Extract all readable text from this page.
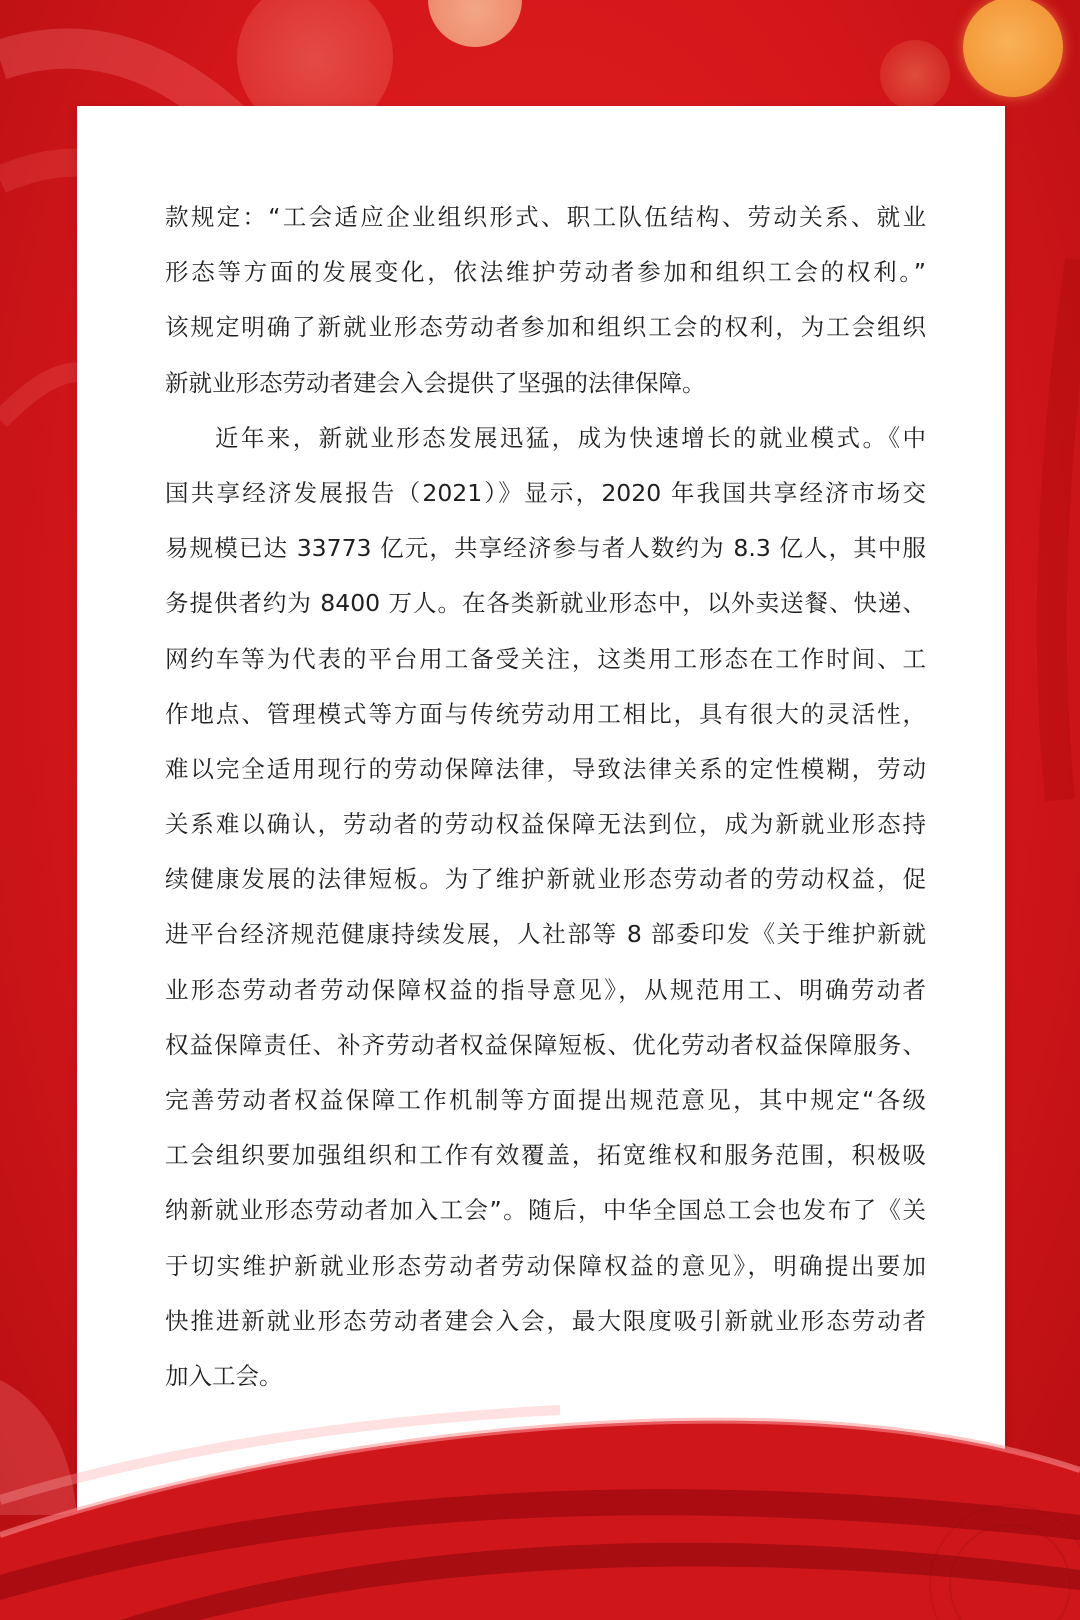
款规定：“工会适应企业组织形式、职工队伍结构、劳动关系、就业
形态等方面的发展变化，依法维护劳动者参加和组织工会的权利。”
该规定明确了新就业形态劳动者参加和组织工会的权利，为工会组织
新就业形态劳动者建会入会提供了坚强的法律保障。
近年来，新就业形态发展迅猛，成为快速增长的就业模式。《中
国共享经济发展报告（2021）》显示，2020 年我国共享经济市场交
易规模已达 33773 亿元，共享经济参与者人数约为 8.3 亿人，其中服
务提供者约为 8400 万人。在各类新就业形态中，以外卖送餐、快递、
网约车等为代表的平台用工备受关注，这类用工形态在工作时间、工
作地点、管理模式等方面与传统劳动用工相比，具有很大的灵活性，
难以完全适用现行的劳动保障法律，导致法律关系的定性模糊，劳动
关系难以确认，劳动者的劳动权益保障无法到位，成为新就业形态持
续健康发展的法律短板。为了维护新就业形态劳动者的劳动权益，促
进平台经济规范健康持续发展，人社部等 8 部委印发《关于维护新就
业形态劳动者劳动保障权益的指导意见》，从规范用工、明确劳动者
权益保障责任、补齐劳动者权益保障短板、优化劳动者权益保障服务、
完善劳动者权益保障工作机制等方面提出规范意见，其中规定“各级
工会组织要加强组织和工作有效覆盖，拓宽维权和服务范围，积极吸
纳新就业形态劳动者加入工会”。随后，中华全国总工会也发布了《关
于切实维护新就业形态劳动者劳动保障权益的意见》，明确提出要加
快推进新就业形态劳动者建会入会，最大限度吸引新就业形态劳动者
加入工会。
